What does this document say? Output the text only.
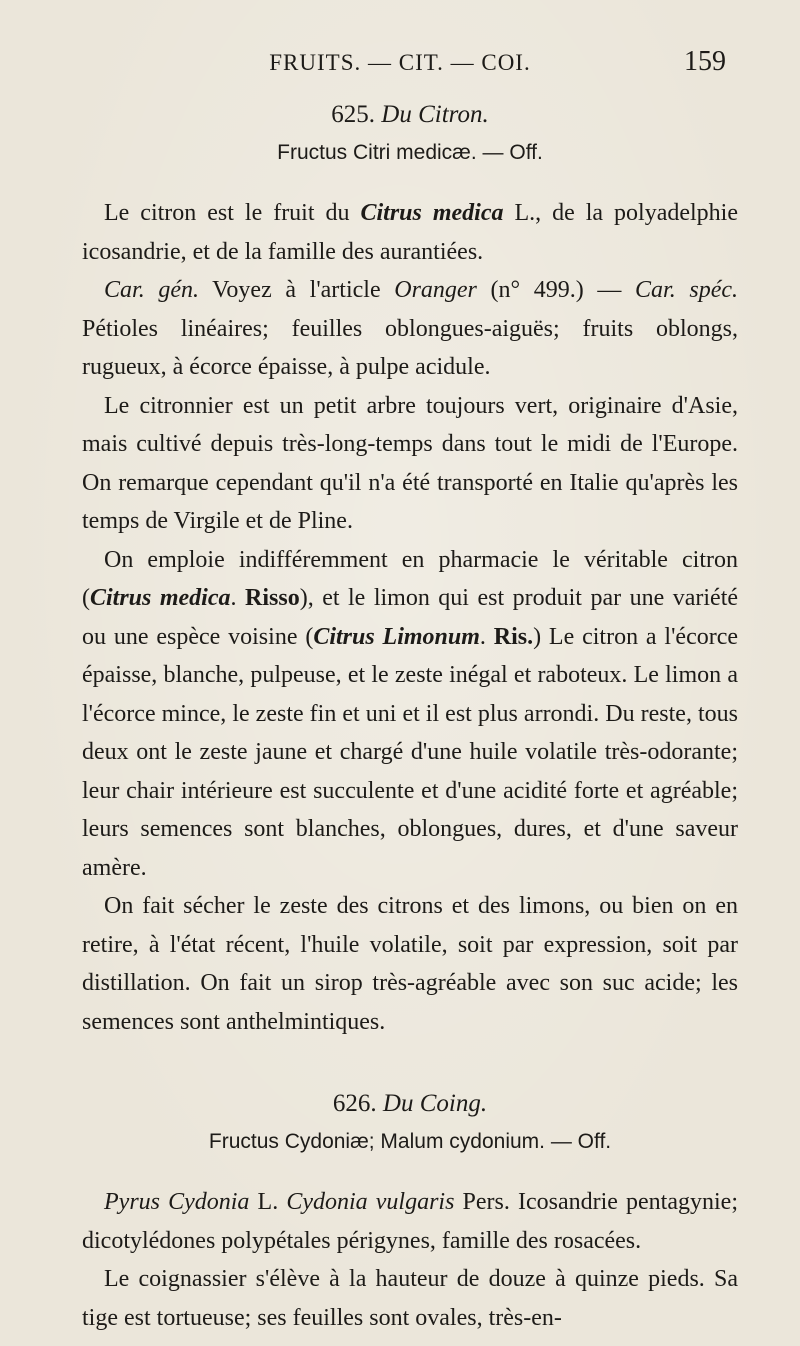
FRUITS. — CIT. — COI.	159
625. Du Citron.
Fructus Citri medicæ. — Off.

Le citron est le fruit du Citrus medica L., de la polyadelphie icosandrie, et de la famille des aurantiées.

Car. gén. Voyez à l'article Oranger (n° 499.) — Car. spéc. Pétioles linéaires; feuilles oblongues-aiguës; fruits oblongs, rugueux, à écorce épaisse, à pulpe acidule.

Le citronnier est un petit arbre toujours vert, originaire d'Asie, mais cultivé depuis très-long-temps dans tout le midi de l'Europe. On remarque cependant qu'il n'a été transporté en Italie qu'après les temps de Virgile et de Pline.

On emploie indifféremment en pharmacie le véritable citron (Citrus medica. Risso), et le limon qui est produit par une variété ou une espèce voisine (Citrus Limonum. Ris.) Le citron a l'écorce épaisse, blanche, pulpeuse, et le zeste inégal et raboteux. Le limon a l'écorce mince, le zeste fin et uni et il est plus arrondi. Du reste, tous deux ont le zeste jaune et chargé d'une huile volatile très-odorante; leur chair intérieure est succulente et d'une acidité forte et agréable; leurs semences sont blanches, oblongues, dures, et d'une saveur amère.

On fait sécher le zeste des citrons et des limons, ou bien on en retire, à l'état récent, l'huile volatile, soit par expression, soit par distillation. On fait un sirop très-agréable avec son suc acide; les semences sont anthelmintiques.

626. Du Coing.
Fructus Cydoniæ; Malum cydonium. — Off.

Pyrus Cydonia L. Cydonia vulgaris Pers. Icosandrie pentagynie; dicotylédones polypétales périgynes, famille des rosacées.

Le coignassier s'élève à la hauteur de douze à quinze pieds. Sa tige est tortueuse; ses feuilles sont ovales, très-en-
